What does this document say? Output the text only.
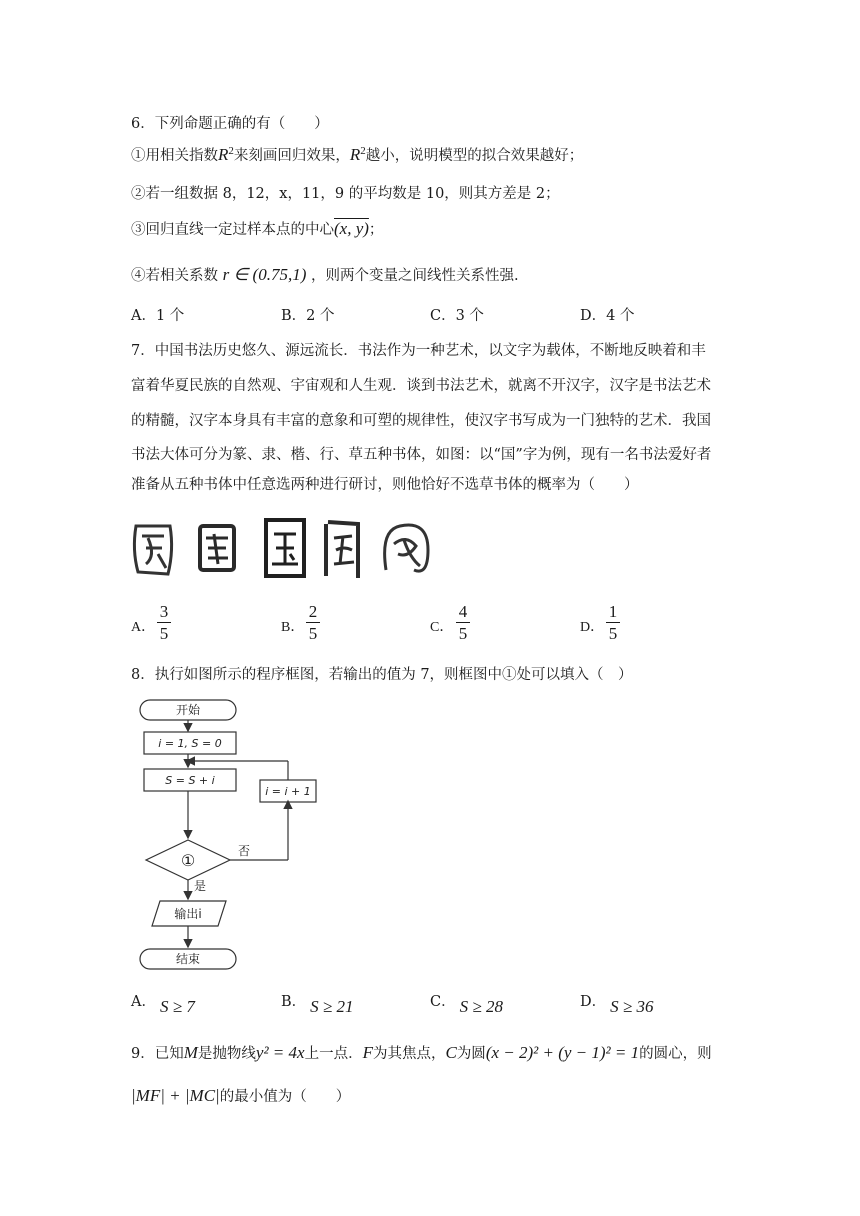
6．下列命题正确的有（　　）
①用相关指数$R^2$来刻画回归效果，$R^2$越小，说明模型的拟合效果越好；
②若一组数据 8，12，x，11，9 的平均数是 10，则其方差是 2；
③回归直线一定过样本点的中心(x, y)；
④若相关系数 r ∈ (0.75,1) ，则两个变量之间线性关系性强.
A．1 个	B．2 个	C．3 个	D．4 个
7．中国书法历史悠久、源远流长．书法作为一种艺术，以文字为载体，不断地反映着和丰
富着华夏民族的自然观、宇宙观和人生观．谈到书法艺术，就离不开汉字，汉字是书法艺术
的精髓，汉字本身具有丰富的意象和可塑的规律性，使汉字书写成为一门独特的艺术．我国
书法大体可分为篆、隶、楷、行、草五种书体，如图：以“国”字为例，现有一名书法爱好者
准备从五种书体中任意选两种进行研讨，则他恰好不选草书体的概率为（　　）
A． $\frac{3}{5}$	B． $\frac{2}{5}$	C． $\frac{4}{5}$	D． $\frac{1}{5}$
8．执行如图所示的程序框图，若输出的值为 7，则框图中①处可以填入（　）
开始
i = 1, S = 0
S = S + i
i = i + 1
①	否
是
输出i
结束
A． S ≥ 7	B． S ≥ 21	C． S ≥ 28	D． S ≥ 36
9．已知M是抛物线y² = 4x上一点．F为其焦点，C为圆(x − 2)² + (y − 1)² = 1的圆心，则
|MF| + |MC|的最小值为（　　）
